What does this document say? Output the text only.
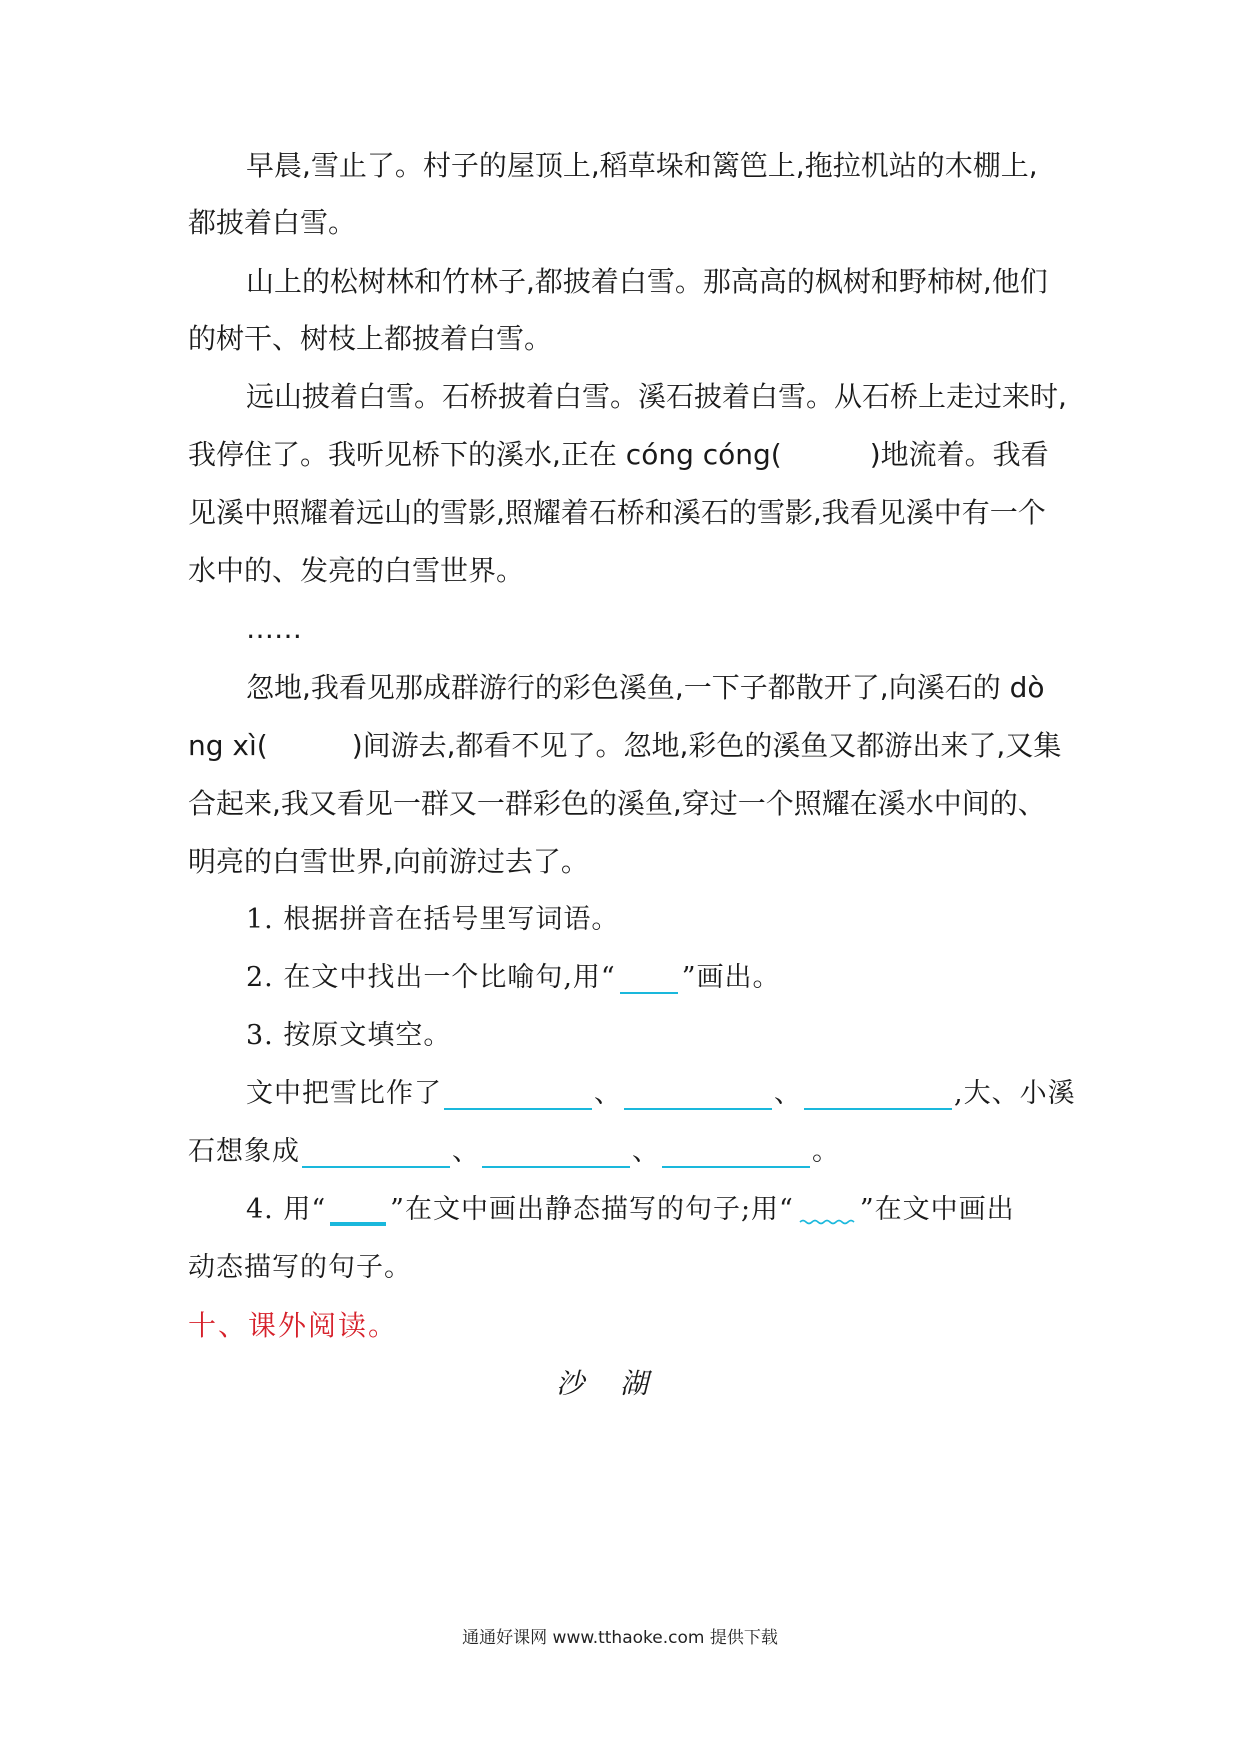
早晨,雪止了。村子的屋顶上,稻草垛和篱笆上,拖拉机站的木棚上,
都披着白雪。
山上的松树林和竹林子,都披着白雪。那高高的枫树和野柿树,他们
的树干、树枝上都披着白雪。
远山披着白雪。石桥披着白雪。溪石披着白雪。从石桥上走过来时,
我停住了。我听见桥下的溪水,正在 cóng cóng(	)地流着。我看
见溪中照耀着远山的雪影,照耀着石桥和溪石的雪影,我看见溪中有一个
水中的、发亮的白雪世界。
……
忽地,我看见那成群游行的彩色溪鱼,一下子都散开了,向溪石的 dò
ng xì(	)间游去,都看不见了。忽地,彩色的溪鱼又都游出来了,又集
合起来,我又看见一群又一群彩色的溪鱼,穿过一个照耀在溪水中间的、
明亮的白雪世界,向前游过去了。
1. 根据拼音在括号里写词语。
2. 在文中找出一个比喻句,用“ ”画出。
3. 按原文填空。
文中把雪比作了	、	、	,大、小溪
石想象成	、	、	。
4. 用“ ”在文中画出静态描写的句子;用“ ”在文中画出
动态描写的句子。
十、课外阅读。
沙湖
通通好课网 www.tthaoke.com 提供下载
